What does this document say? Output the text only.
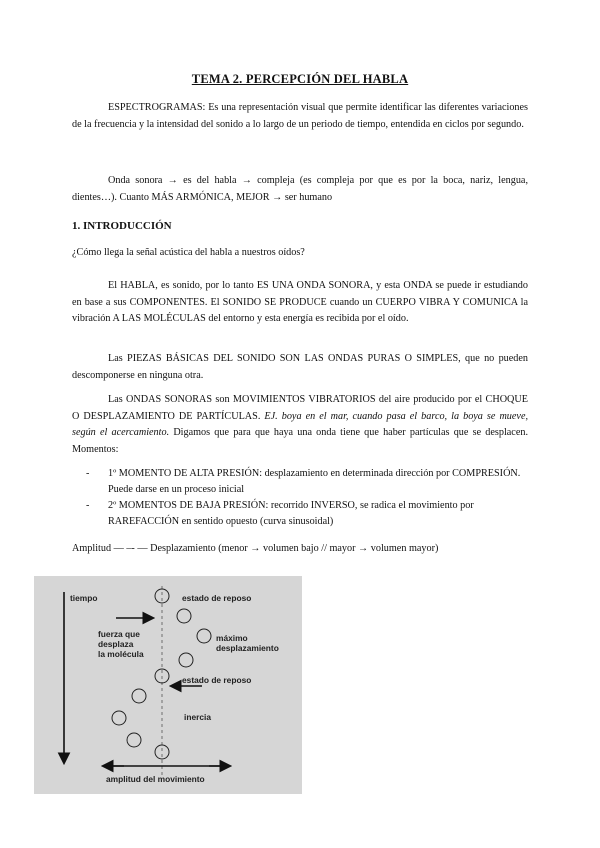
TEMA 2. PERCEPCIÓN DEL HABLA

ESPECTROGRAMAS: Es una representación visual que permite identificar las diferentes variaciones de la frecuencia y la intensidad del sonido a lo largo de un periodo de tiempo, entendida en ciclos por segundo.

Onda sonora → es del habla → compleja (es compleja por que es por la boca, nariz, lengua, dientes…). Cuanto MÁS ARMÓNICA, MEJOR → ser humano

1. INTRODUCCIÓN

¿Cómo llega la señal acústica del habla a nuestros oídos?

El HABLA, es sonido, por lo tanto ES UNA ONDA SONORA, y esta ONDA se puede ir estudiando en base a sus COMPONENTES. El SONIDO SE PRODUCE cuando un CUERPO VIBRA Y COMUNICA la vibración A LAS MOLÉCULAS del entorno y esta energía es recibida por el oído.

Las PIEZAS BÁSICAS DEL SONIDO SON LAS ONDAS PURAS O SIMPLES, que no pueden descomponerse en ninguna otra.

Las ONDAS SONORAS son MOVIMIENTOS VIBRATORIOS del aire producido por el CHOQUE O DESPLAZAMIENTO DE PARTÍCULAS. EJ. boya en el mar, cuando pasa el barco, la boya se mueve, según el acercamiento. Digamos que para que haya una onda tiene que haber partículas que se desplacen. Momentos:

- 1º MOMENTO DE ALTA PRESIÓN: desplazamiento en determinada dirección por COMPRESIÓN. Puede darse en un proceso inicial
- 2º MOMENTOS DE BAJA PRESIÓN: recorrido INVERSO, se radica el movimiento por RAREFACCIÓN en sentido opuesto (curva sinusoidal)

Amplitud — –- — Desplazamiento (menor → volumen bajo // mayor → volumen mayor)

tiempo	estado de reposo
fuerza que
desplaza
la molécula
máximo
desplazamiento
estado de reposo
inercia
amplitud del movimiento
